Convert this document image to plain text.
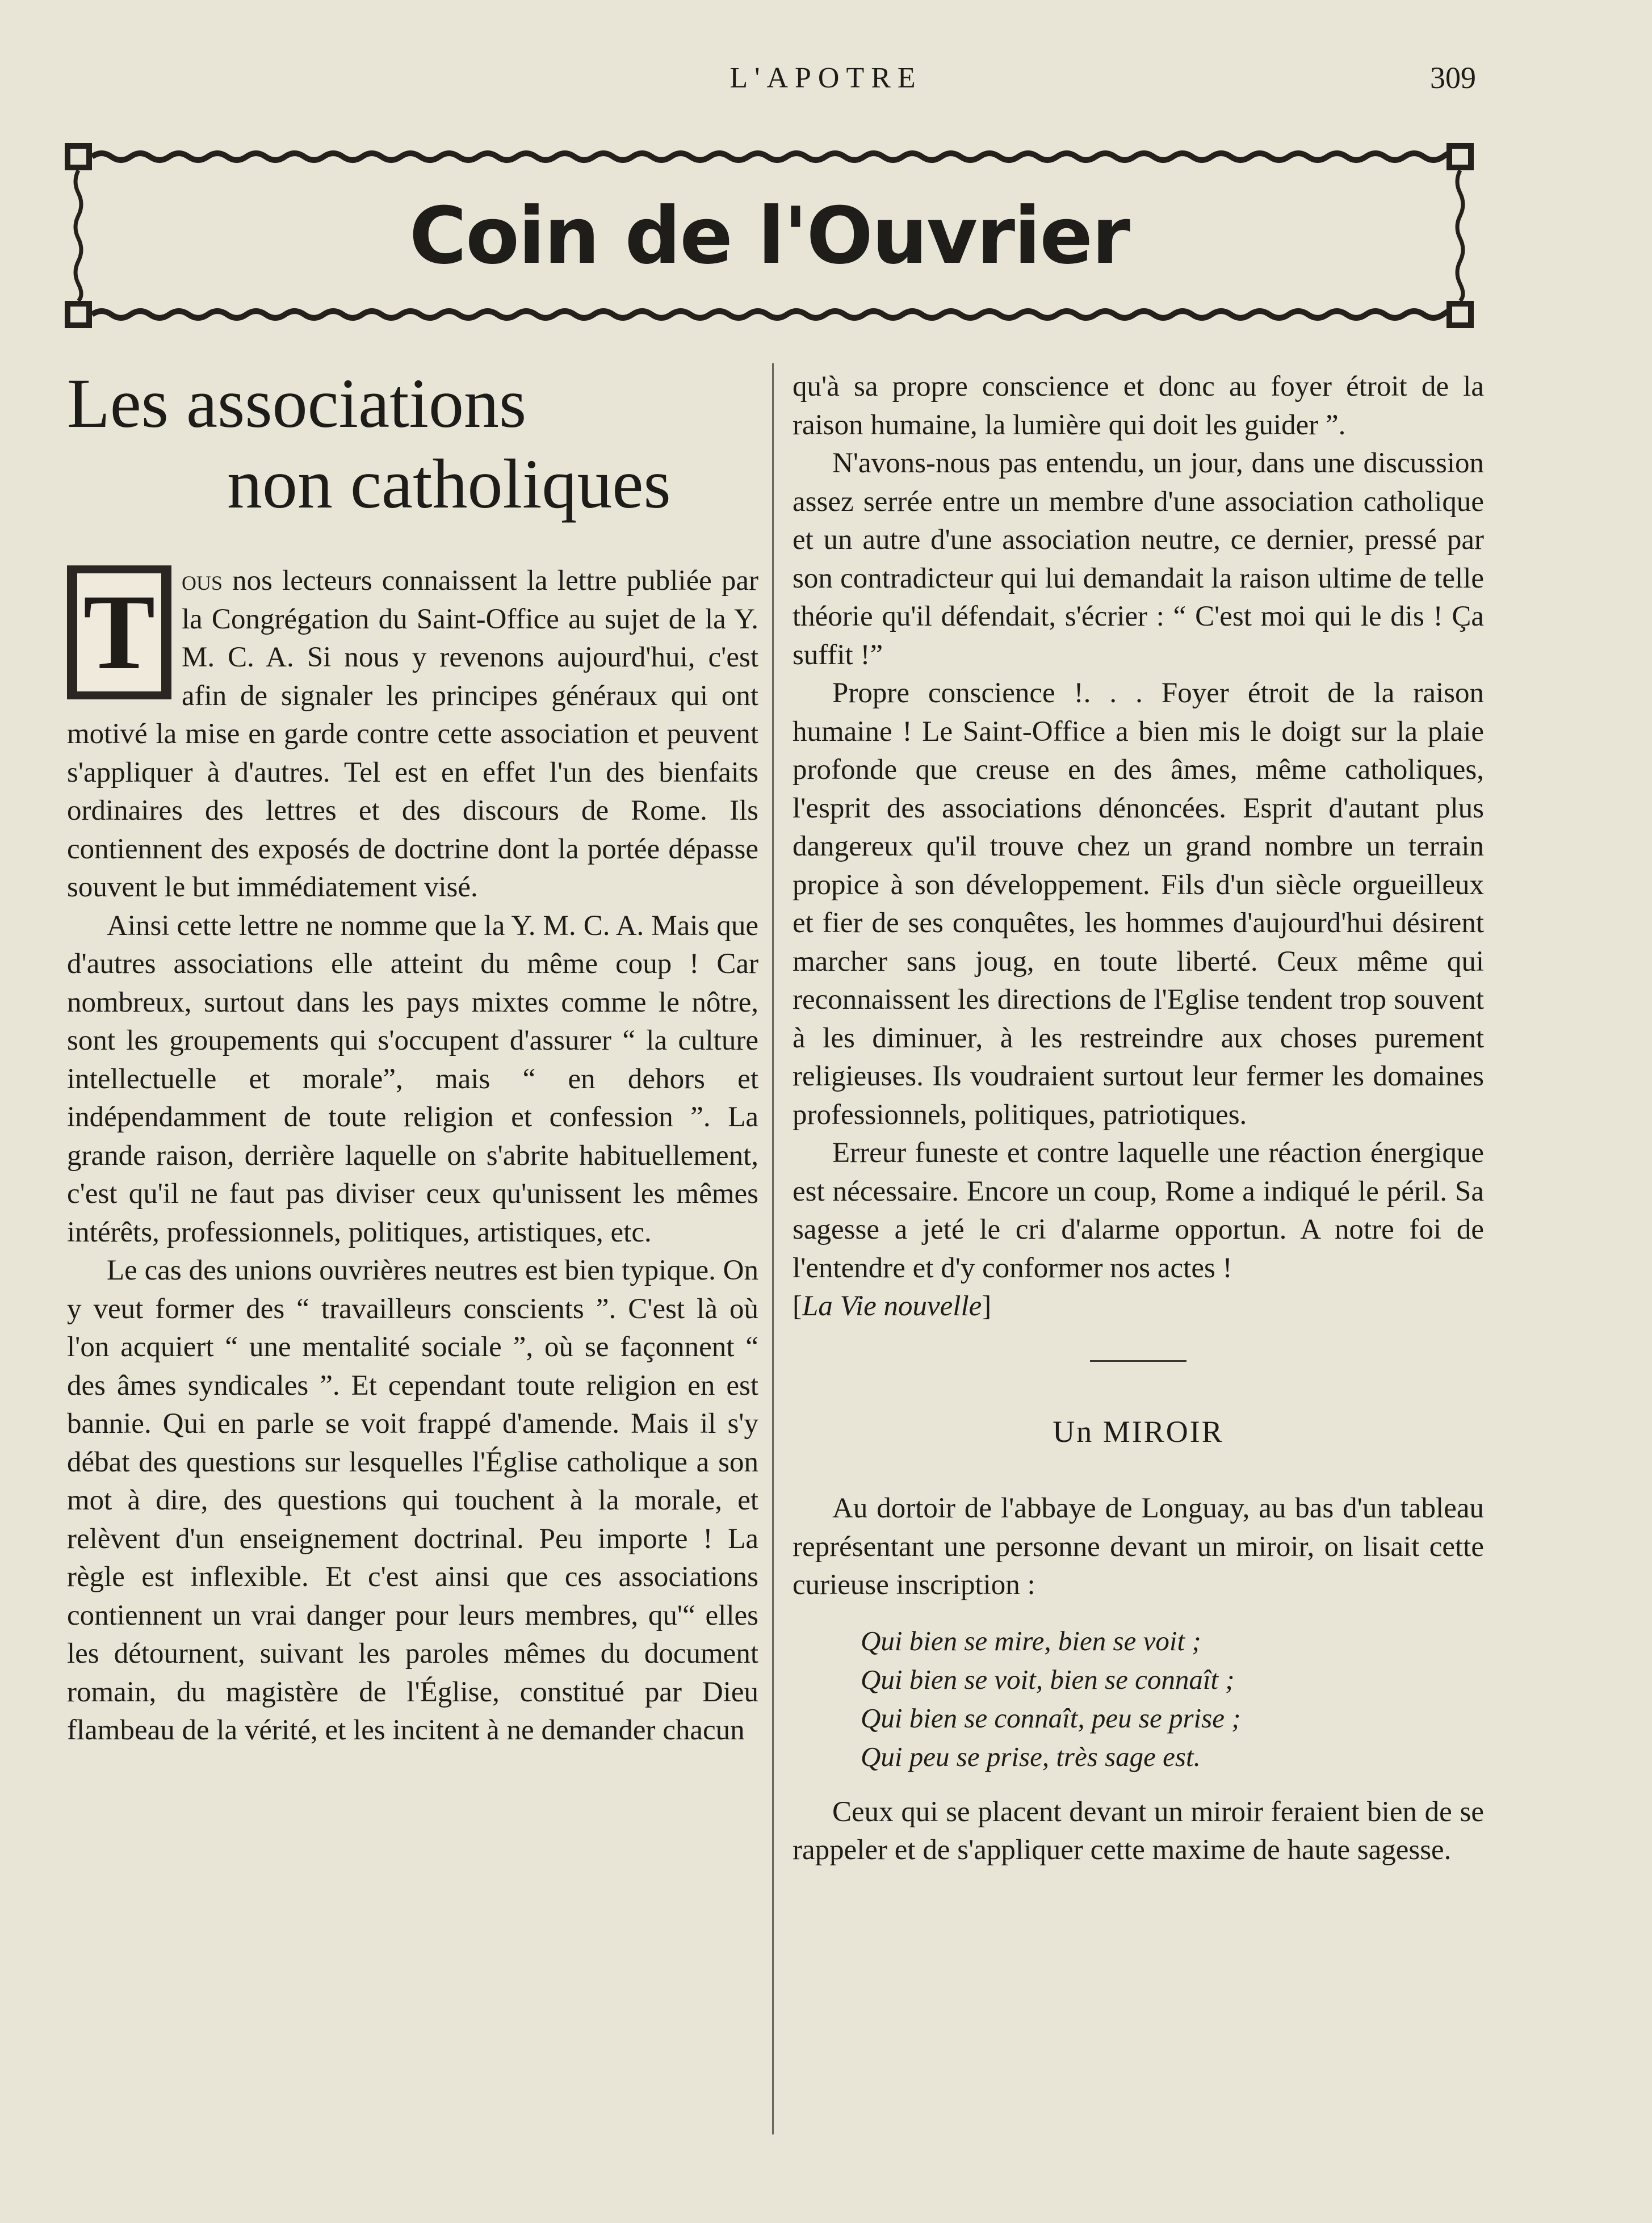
L'APOTRE	309
Coin de l'Ouvrier
Les associations
non catholiques

T ous nos lecteurs connaissent la lettre publiée par la Congrégation du Saint-Office au sujet de la Y. M. C. A. Si nous y revenons aujourd'hui, c'est afin de signaler les principes généraux qui ont motivé la mise en garde contre cette association et peuvent s'appliquer à d'autres. Tel est en effet l'un des bienfaits ordinaires des lettres et des discours de Rome. Ils contiennent des exposés de doctrine dont la portée dépasse souvent le but immédiatement visé.

Ainsi cette lettre ne nomme que la Y. M. C. A. Mais que d'autres associations elle atteint du même coup ! Car nombreux, surtout dans les pays mixtes comme le nôtre, sont les groupements qui s'occupent d'assurer “ la culture intellectuelle et morale”, mais “ en dehors et indépendamment de toute religion et confession ”. La grande raison, derrière laquelle on s'abrite habituellement, c'est qu'il ne faut pas diviser ceux qu'unissent les mêmes intérêts, professionnels, politiques, artistiques, etc.

Le cas des unions ouvrières neutres est bien typique. On y veut former des “ travailleurs conscients ”. C'est là où l'on acquiert “ une mentalité sociale ”, où se façonnent “ des âmes syndicales ”. Et cependant toute religion en est bannie. Qui en parle se voit frappé d'amende. Mais il s'y débat des questions sur lesquelles l'Église catholique a son mot à dire, des questions qui touchent à la morale, et relèvent d'un enseignement doctrinal. Peu importe ! La règle est inflexible. Et c'est ainsi que ces associations contiennent un vrai danger pour leurs membres, qu'“ elles les détournent, suivant les paroles mêmes du document romain, du magistère de l'Église, constitué par Dieu flambeau de la vérité, et les incitent à ne demander chacun

qu'à sa propre conscience et donc au foyer étroit de la raison humaine, la lumière qui doit les guider ”.

N'avons-nous pas entendu, un jour, dans une discussion assez serrée entre un membre d'une association catholique et un autre d'une association neutre, ce dernier, pressé par son contradicteur qui lui demandait la raison ultime de telle théorie qu'il défendait, s'écrier : “ C'est moi qui le dis ! Ça suffit !”

Propre conscience !. . . Foyer étroit de la raison humaine ! Le Saint-Office a bien mis le doigt sur la plaie profonde que creuse en des âmes, même catholiques, l'esprit des associations dénoncées. Esprit d'autant plus dangereux qu'il trouve chez un grand nombre un terrain propice à son développement. Fils d'un siècle orgueilleux et fier de ses conquêtes, les hommes d'aujourd'hui désirent marcher sans joug, en toute liberté. Ceux même qui reconnaissent les directions de l'Eglise tendent trop souvent à les diminuer, à les restreindre aux choses purement religieuses. Ils voudraient surtout leur fermer les domaines professionnels, politiques, patriotiques.

Erreur funeste et contre laquelle une réaction énergique est nécessaire. Encore un coup, Rome a indiqué le péril. Sa sagesse a jeté le cri d'alarme opportun. A notre foi de l'entendre et d'y conformer nos actes !

[La Vie nouvelle]

Un MIROIR

Au dortoir de l'abbaye de Longuay, au bas d'un tableau représentant une personne devant un miroir, on lisait cette curieuse inscription :

Qui bien se mire, bien se voit ;
Qui bien se voit, bien se connaît ;
Qui bien se connaît, peu se prise ;
Qui peu se prise, très sage est.

Ceux qui se placent devant un miroir feraient bien de se rappeler et de s'appliquer cette maxime de haute sagesse.
